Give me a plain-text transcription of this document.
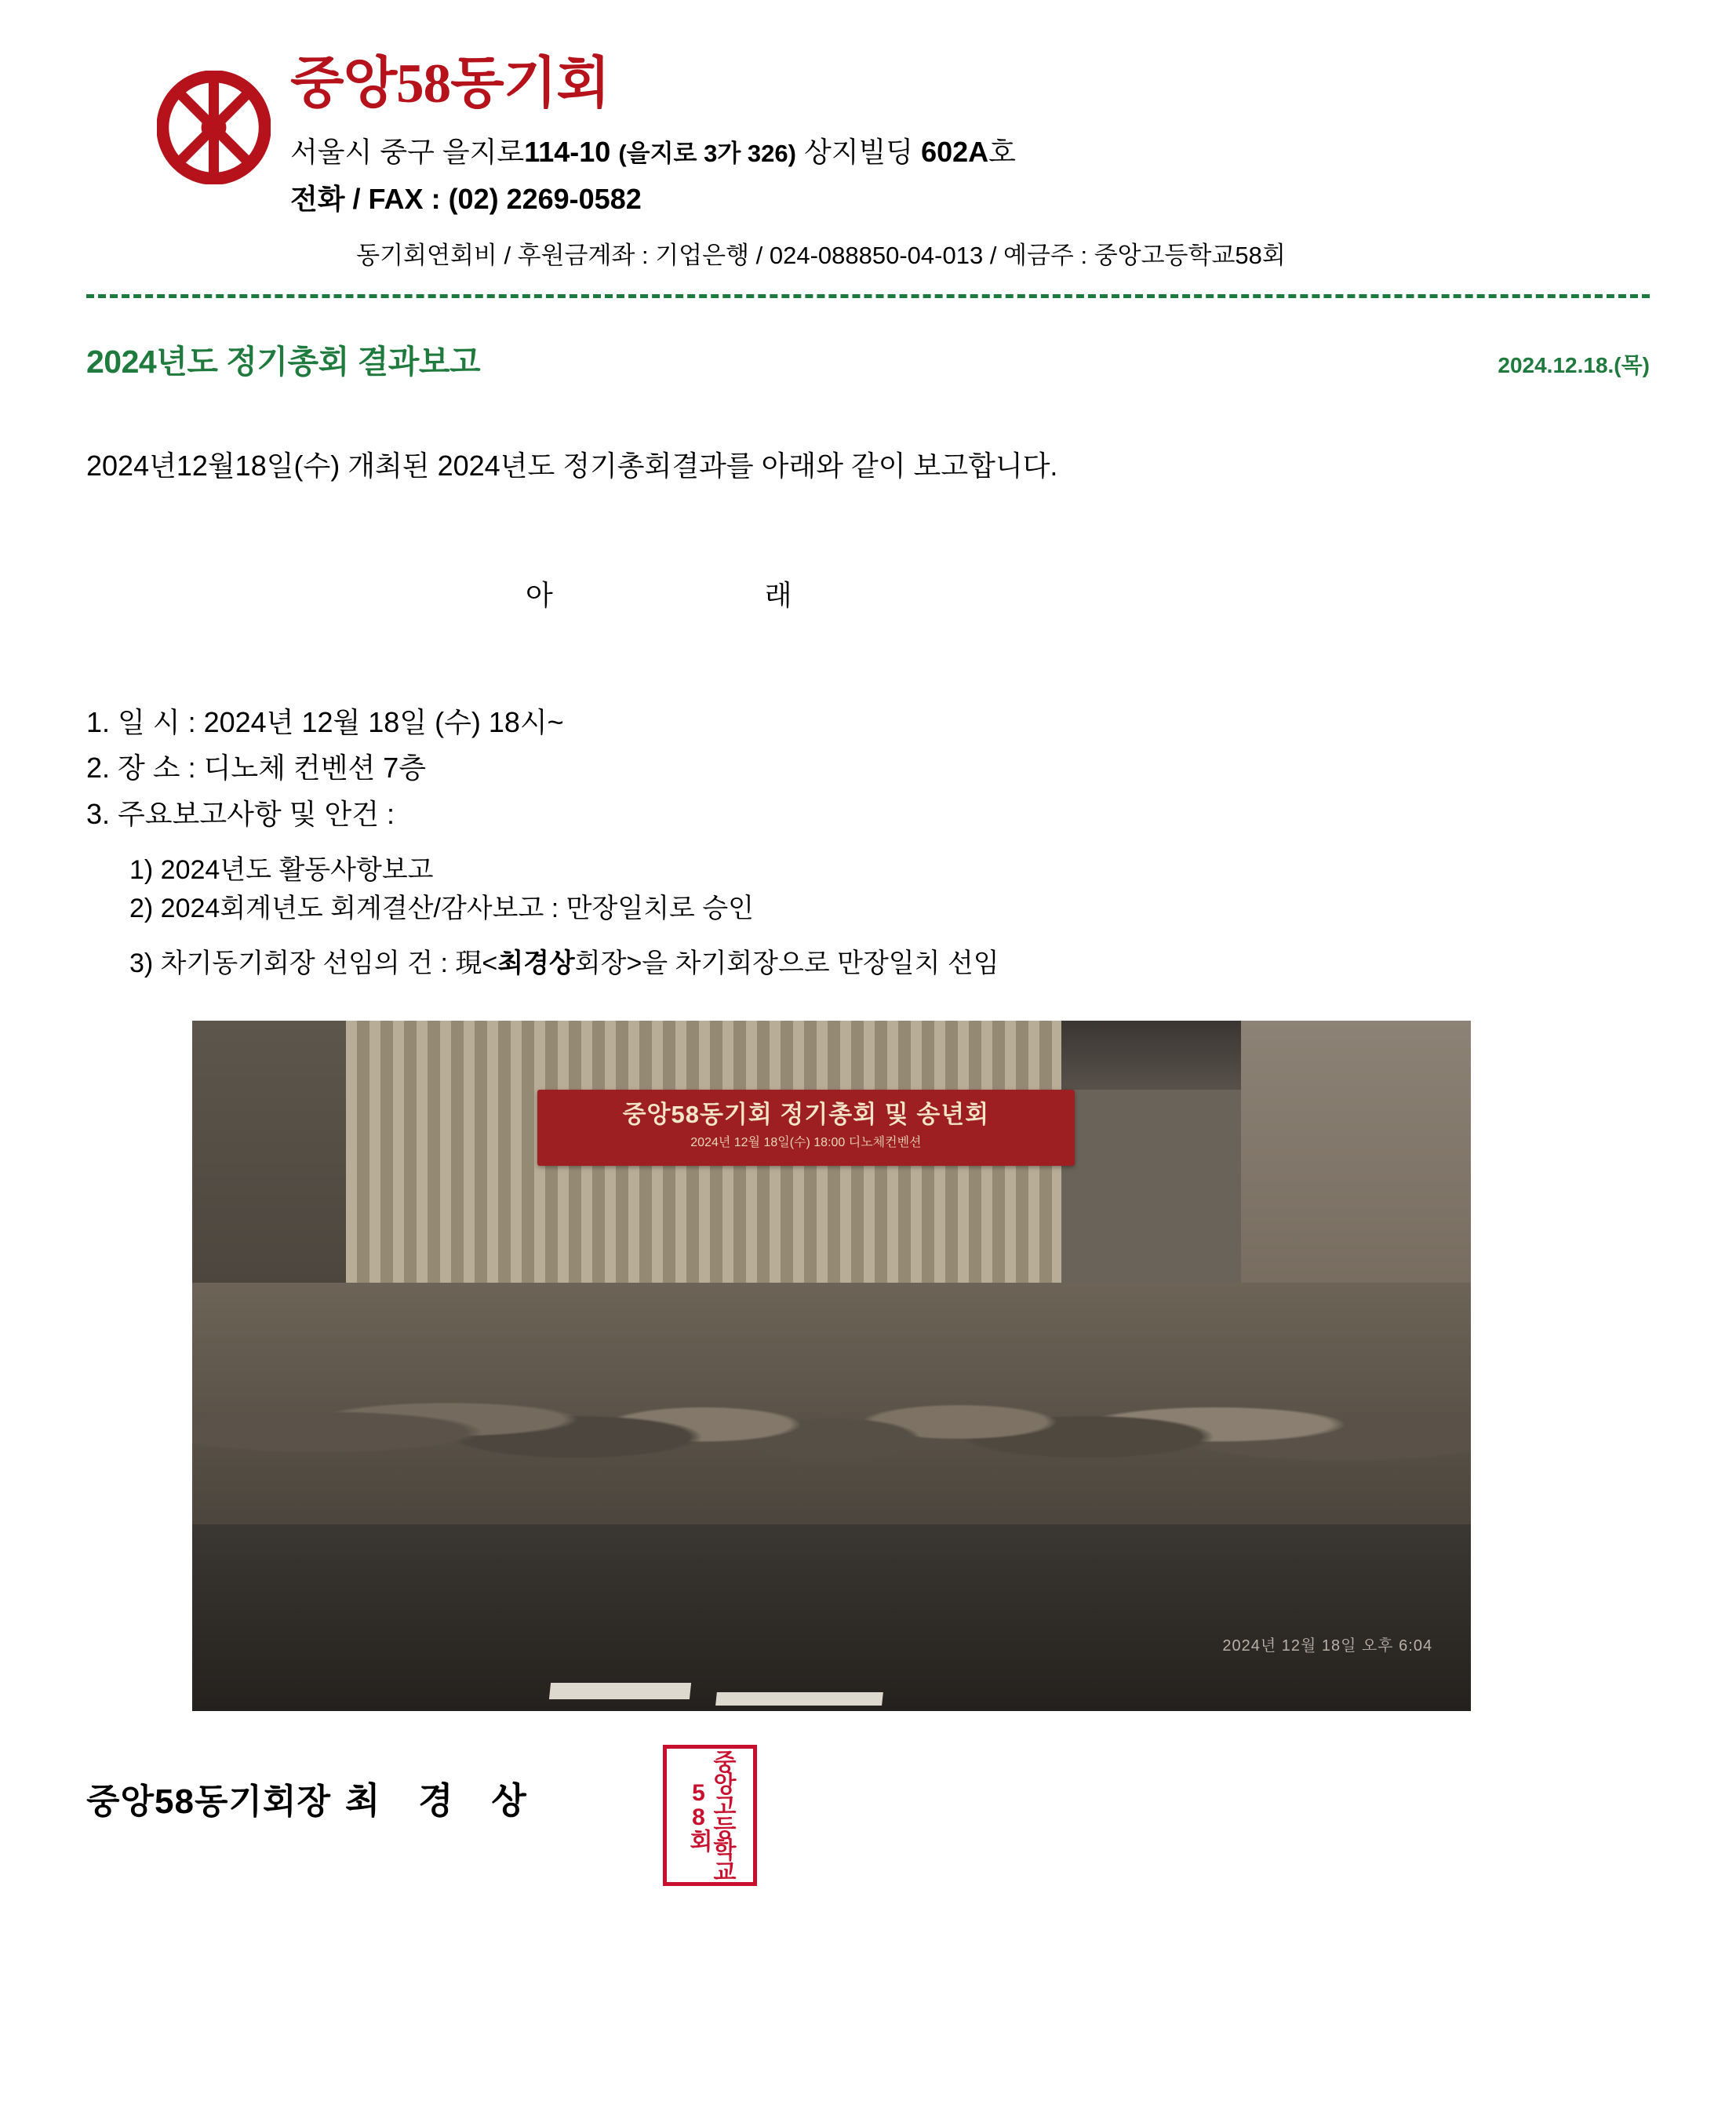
중앙58동기회
서울시 중구 을지로114-10 (을지로 3가 326) 상지빌딩 602A호
전화 / FAX : (02) 2269-0582
동기회연회비 / 후원금계좌 : 기업은행 / 024-088850-04-013 / 예금주 : 중앙고등학교58회
2024년도 정기총회 결과보고	2024.12.18.(목)
2024년12월18일(수) 개최된 2024년도 정기총회결과를 아래와 같이 보고합니다.
아 래
1. 일 시 : 2024년 12월 18일 (수) 18시~
2. 장 소 : 디노체 컨벤션 7층
3. 주요보고사항 및 안건 :
1) 2024년도 활동사항보고
2) 2024회계년도 회계결산/감사보고 : 만장일치로 승인
3) 차기동기회장 선임의 건 : 現<최경상회장>을 차기회장으로 만장일치 선임
중앙58동기회 정기총회 및 송년회
2024년 12월 18일(수) 18:00 디노체컨벤션
2024년 12월 18일 오후 6:04
중앙58동기회장 최 경 상	중앙고등학교58회
